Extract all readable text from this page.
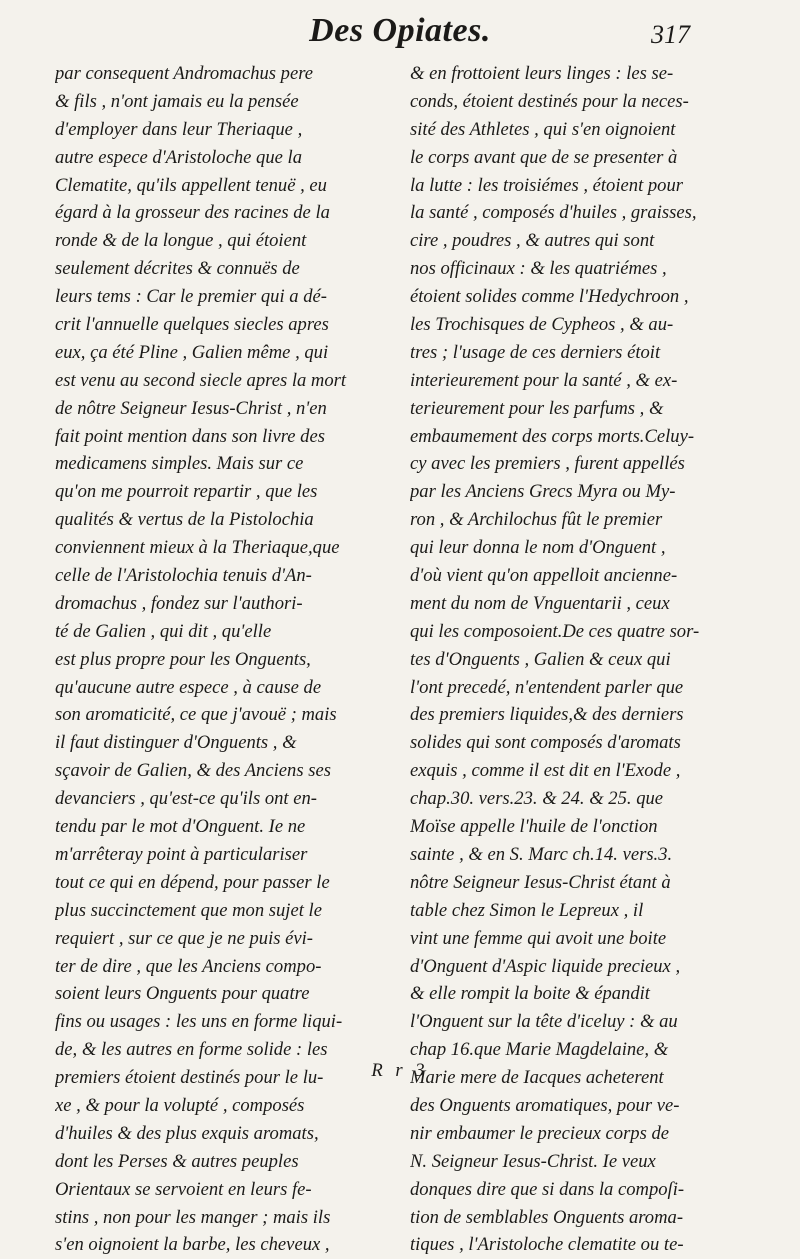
Des Opiates.	317
par consequent Andromachus pere
& fils , n'ont jamais eu la pensée
d'employer dans leur Theriaque ,
autre espece d'Aristoloche que la
Clematite, qu'ils appellent tenuë , eu
égard à la grosseur des racines de la
ronde & de la longue , qui étoient
seulement décrites & connuës de
leurs tems : Car le premier qui a dé-
crit l'annuelle quelques siecles apres
eux, ça été Pline , Galien même , qui
est venu au second siecle apres la mort
de nôtre Seigneur Iesus-Christ , n'en
fait point mention dans son livre des
medicamens simples. Mais sur ce
qu'on me pourroit repartir , que les
qualités & vertus de la Pistolochia
conviennent mieux à la Theriaque,que
celle de l'Aristolochia tenuis d'An-
dromachus , fondez sur l'authori-
té de Galien , qui dit , qu'elle
est plus propre pour les Onguents,
qu'aucune autre espece , à cause de
son aromaticité, ce que j'avouë ; mais
il faut distinguer d'Onguents , &
sçavoir de Galien, & des Anciens ses
devanciers , qu'est-ce qu'ils ont en-
tendu par le mot d'Onguent. Ie ne
m'arrêteray point à particulariser
tout ce qui en dépend, pour passer le
plus succinctement que mon sujet le
requiert , sur ce que je ne puis évi-
ter de dire , que les Anciens compo-
soient leurs Onguents pour quatre
fins ou usages : les uns en forme liqui-
de, & les autres en forme solide : les
premiers étoient destinés pour le lu-
xe , & pour la volupté , composés
d'huiles & des plus exquis aromats,
dont les Perses & autres peuples
Orientaux se servoient en leurs fe-
stins , non pour les manger ; mais ils
s'en oignoient la barbe, les cheveux ,
& en frottoient leurs linges : les se-
conds, étoient destinés pour la neces-
sité des Athletes , qui s'en oignoient
le corps avant que de se presenter à
la lutte : les troisiémes , étoient pour
la santé , composés d'huiles , graisses,
cire , poudres , & autres qui sont
nos officinaux : & les quatriémes ,
étoient solides comme l'Hedychroon ,
les Trochisques de Cypheos , & au-
tres ; l'usage de ces derniers étoit
interieurement pour la santé , & ex-
terieurement pour les parfums , &
embaumement des corps morts.Celuy-
cy avec les premiers , furent appellés
par les Anciens Grecs Myra ou My-
ron , & Archilochus fût le premier
qui leur donna le nom d'Onguent ,
d'où vient qu'on appelloit ancienne-
ment du nom de Vnguentarii , ceux
qui les composoient.De ces quatre sor-
tes d'Onguents , Galien & ceux qui
l'ont precedé, n'entendent parler que
des premiers liquides,& des derniers
solides qui sont composés d'aromats
exquis , comme il est dit en l'Exode ,
chap.30. vers.23. & 24. & 25. que
Moïse appelle l'huile de l'onction
sainte , & en S. Marc ch.14. vers.3.
nôtre Seigneur Iesus-Christ étant à
table chez Simon le Lepreux , il
vint une femme qui avoit une boite
d'Onguent d'Aspic liquide precieux ,
& elle rompit la boite & épandit
l'Onguent sur la tête d'iceluy : & au
chap 16.que Marie Magdelaine, &
Marie mere de Iacques acheterent
des Onguents aromatiques, pour ve-
nir embaumer le precieux corps de
N. Seigneur Iesus-Christ. Ie veux
donques dire que si dans la compoſi-
tion de semblables Onguents aroma-
tiques , l'Aristoloche clematite ou te-
R r 3
